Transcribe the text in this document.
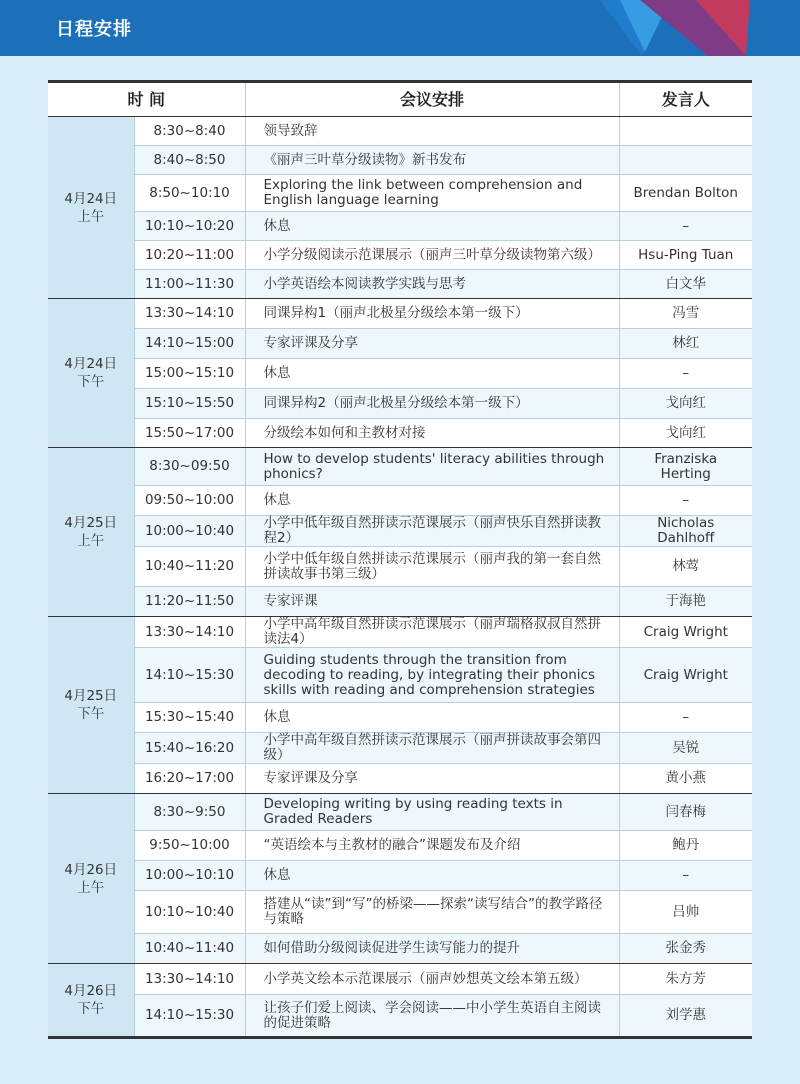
日程安排
时 间		会议安排	发言人

4月24日
上午	8:30~8:40	领导致辞	
	8:40~8:50	《丽声三叶草分级读物》新书发布	
	8:50~10:10	Exploring the link between comprehension and English language learning	Brendan Bolton
	10:10~10:20	休息	–
	10:20~11:00	小学分级阅读示范课展示（丽声三叶草分级读物第六级）	Hsu-Ping Tuan
	11:00~11:30	小学英语绘本阅读教学实践与思考	白文华

4月24日
下午	13:30~14:10	同课异构1（丽声北极星分级绘本第一级下）	冯雪
	14:10~15:00	专家评课及分享	林红
	15:00~15:10	休息	–
	15:10~15:50	同课异构2（丽声北极星分级绘本第一级下）	戈向红
	15:50~17:00	分级绘本如何和主教材对接	戈向红

4月25日
上午	8:30~09:50	How to develop students' literacy abilities through phonics?	Franziska Herting
	09:50~10:00	休息	–
	10:00~10:40	小学中低年级自然拼读示范课展示（丽声快乐自然拼读教程2）	Nicholas Dahlhoff
	10:40~11:20	小学中低年级自然拼读示范课展示（丽声我的第一套自然拼读故事书第三级）	林莺
	11:20~11:50	专家评课	于海艳

4月25日
下午	13:30~14:10	小学中高年级自然拼读示范课展示（丽声瑞格叔叔自然拼读法4）	Craig Wright
	14:10~15:30	Guiding students through the transition from decoding to reading, by integrating their phonics skills with reading and comprehension strategies	Craig Wright
	15:30~15:40	休息	–
	15:40~16:20	小学中高年级自然拼读示范课展示（丽声拼读故事会第四级）	吴锐
	16:20~17:00	专家评课及分享	黄小燕

4月26日
上午	8:30~9:50	Developing writing by using reading texts in Graded Readers	闫春梅
	9:50~10:00	“英语绘本与主教材的融合”课题发布及介绍	鲍丹
	10:00~10:10	休息	–
	10:10~10:40	搭建从“读”到“写”的桥梁——探索“读写结合”的教学路径与策略	吕帅
	10:40~11:40	如何借助分级阅读促进学生读写能力的提升	张金秀

4月26日
下午	13:30~14:10	小学英文绘本示范课展示（丽声妙想英文绘本第五级）	朱方芳
	14:10~15:30	让孩子们爱上阅读、学会阅读——中小学生英语自主阅读的促进策略	刘学惠
